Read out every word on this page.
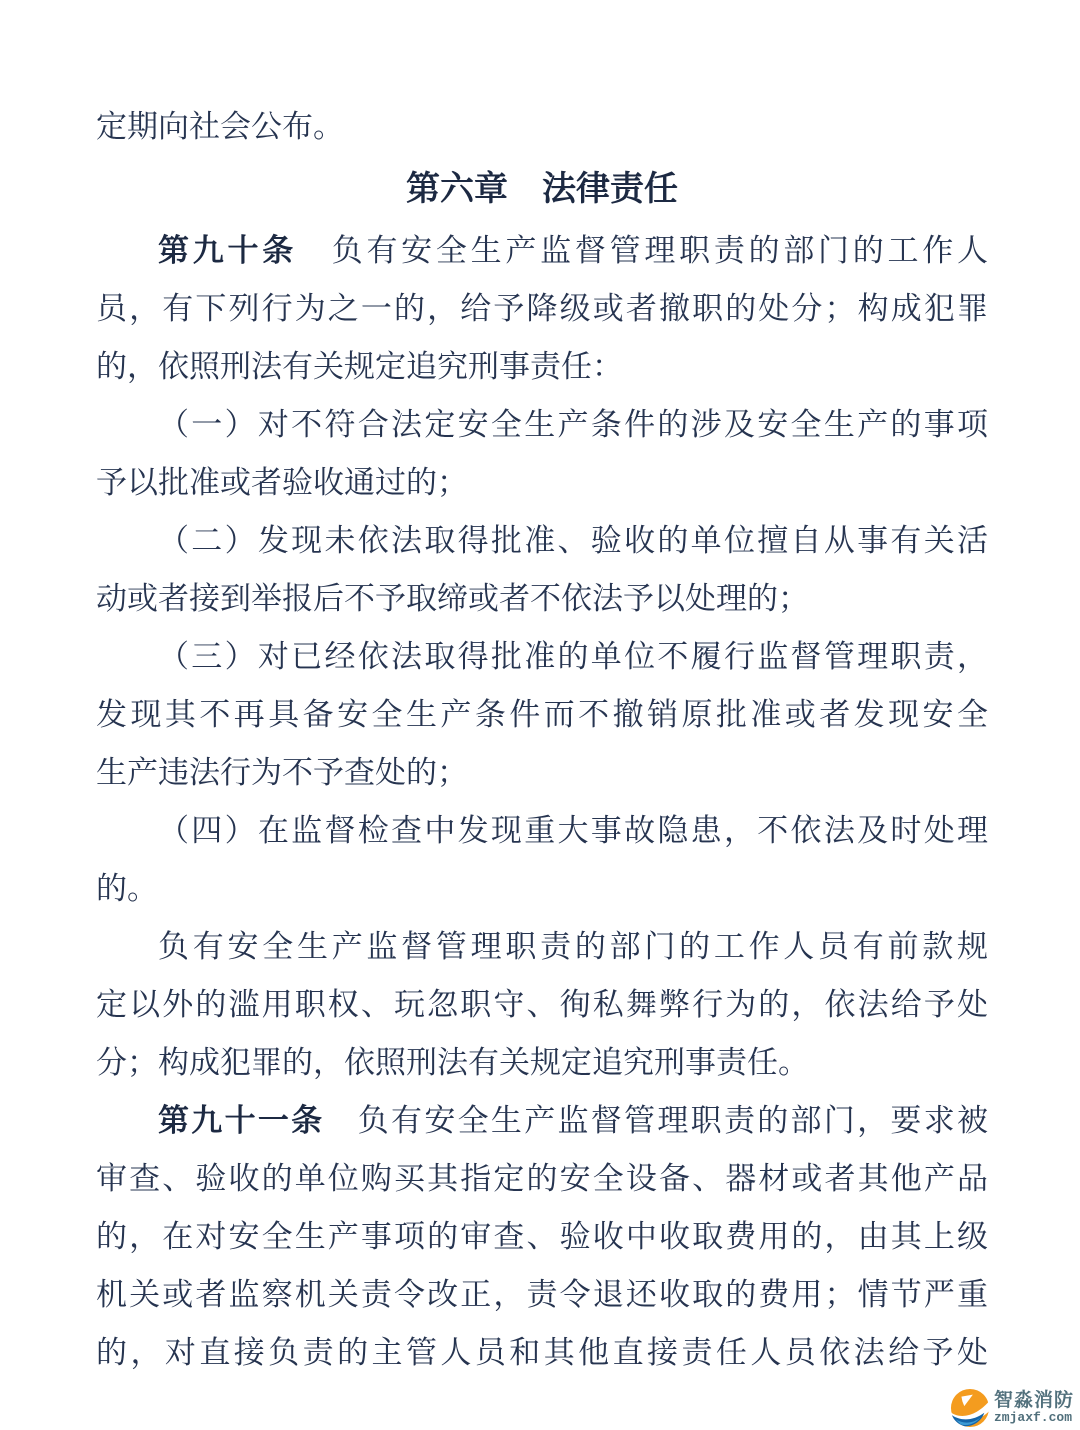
定期向社会公布。
第六章　法律责任
第九十条　负有安全生产监督管理职责的部门的工作人
员，有下列行为之一的，给予降级或者撤职的处分；构成犯罪
的，依照刑法有关规定追究刑事责任：
（一）对不符合法定安全生产条件的涉及安全生产的事项
予以批准或者验收通过的；
（二）发现未依法取得批准、验收的单位擅自从事有关活
动或者接到举报后不予取缔或者不依法予以处理的；
（三）对已经依法取得批准的单位不履行监督管理职责，
发现其不再具备安全生产条件而不撤销原批准或者发现安全
生产违法行为不予查处的；
（四）在监督检查中发现重大事故隐患，不依法及时处理
的。
负有安全生产监督管理职责的部门的工作人员有前款规
定以外的滥用职权、玩忽职守、徇私舞弊行为的，依法给予处
分；构成犯罪的，依照刑法有关规定追究刑事责任。
第九十一条　负有安全生产监督管理职责的部门，要求被
审查、验收的单位购买其指定的安全设备、器材或者其他产品
的，在对安全生产事项的审查、验收中收取费用的，由其上级
机关或者监察机关责令改正，责令退还收取的费用；情节严重
的，对直接负责的主管人员和其他直接责任人员依法给予处
智淼消防
zmjaxf.com
